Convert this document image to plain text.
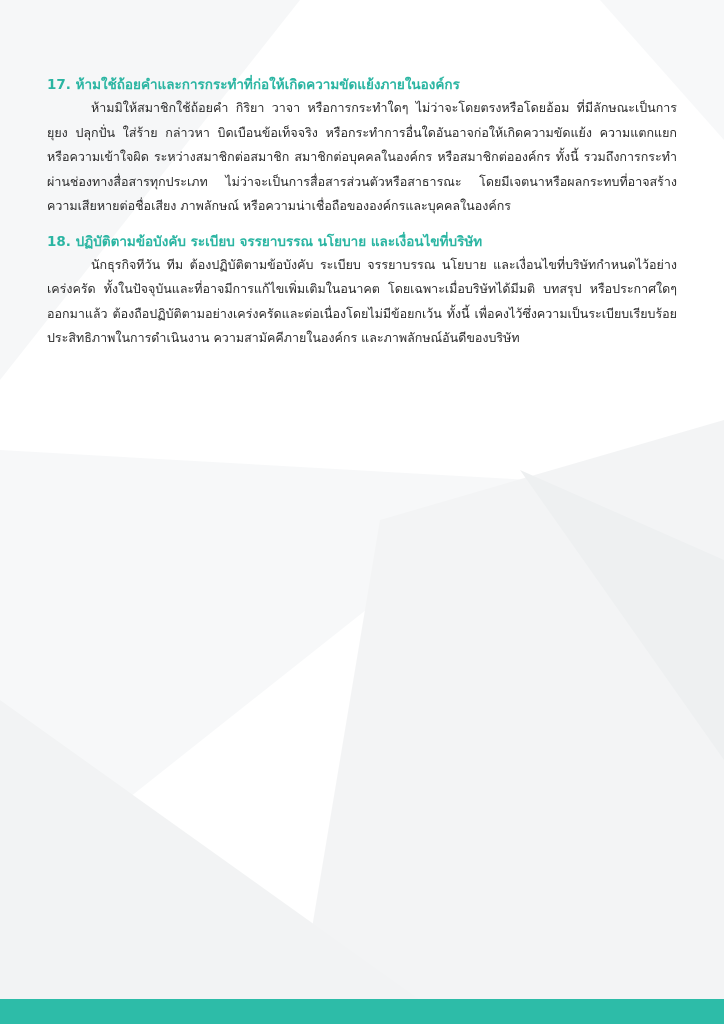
17. ห้ามใช้ถ้อยคำและการกระทำที่ก่อให้เกิดความขัดแย้งภายในองค์กร

ห้ามมิให้สมาชิกใช้ถ้อยคำ กิริยา วาจา หรือการกระทำใดๆ ไม่ว่าจะโดยตรงหรือโดยอ้อม ที่มีลักษณะเป็นการยุยง ปลุกปั่น ใส่ร้าย กล่าวหา บิดเบือนข้อเท็จจริง หรือกระทำการอื่นใดอันอาจก่อให้เกิดความขัดแย้ง ความแตกแยก หรือความเข้าใจผิด ระหว่างสมาชิกต่อสมาชิก สมาชิกต่อบุคคลในองค์กร หรือสมาชิกต่อองค์กร ทั้งนี้ รวมถึงการกระทำผ่านช่องทางสื่อสารทุกประเภท ไม่ว่าจะเป็นการสื่อสารส่วนตัวหรือสาธารณะ โดยมีเจตนาหรือผลกระทบที่อาจสร้างความเสียหายต่อชื่อเสียง ภาพลักษณ์ หรือความน่าเชื่อถือขององค์กรและบุคคลในองค์กร

18. ปฏิบัติตามข้อบังคับ ระเบียบ จรรยาบรรณ นโยบาย และเงื่อนไขที่บริษัท

นักธุรกิจทีวัน ทีม ต้องปฏิบัติตามข้อบังคับ ระเบียบ จรรยาบรรณ นโยบาย และเงื่อนไขที่บริษัทกำหนดไว้อย่างเคร่งครัด ทั้งในปัจจุบันและที่อาจมีการแก้ไขเพิ่มเติมในอนาคต โดยเฉพาะเมื่อบริษัทได้มีมติ บทสรุป หรือประกาศใดๆ ออกมาแล้ว ต้องถือปฏิบัติตามอย่างเคร่งครัดและต่อเนื่องโดยไม่มีข้อยกเว้น ทั้งนี้ เพื่อคงไว้ซึ่งความเป็นระเบียบเรียบร้อย ประสิทธิภาพในการดำเนินงาน ความสามัคคีภายในองค์กร และภาพลักษณ์อันดีของบริษัท
